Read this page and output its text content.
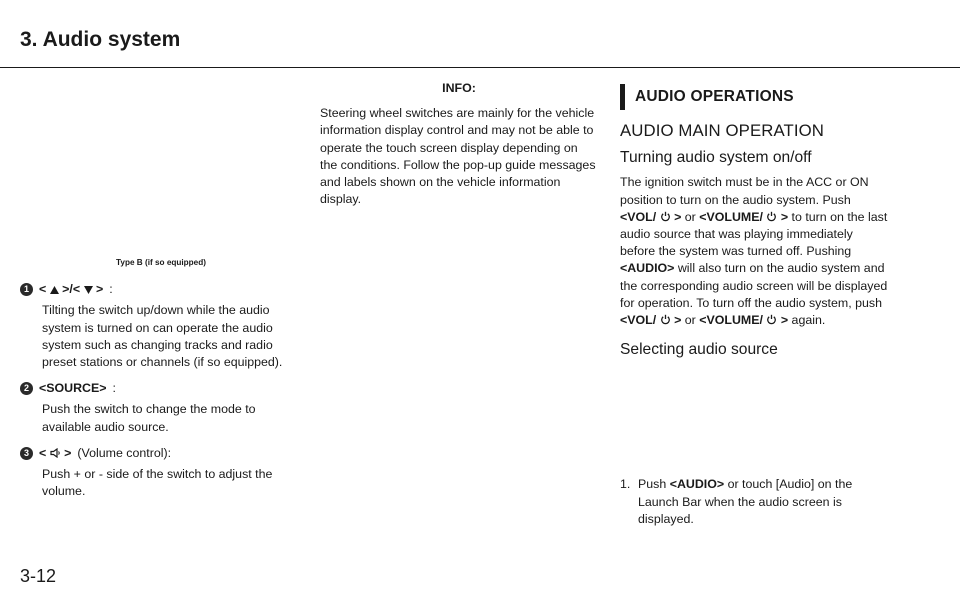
3. Audio system
Type B (if so equipped)
1 < >/< > :
Tilting the switch up/down while the audio system is turned on can operate the audio system such as changing tracks and radio preset stations or channels (if so equipped).
2 <SOURCE> :
Push the switch to change the mode to available audio source.
3 < > (Volume control):
Push + or - side of the switch to adjust the volume.
INFO:
Steering wheel switches are mainly for the vehicle information display control and may not be able to operate the touch screen display depending on the conditions. Follow the pop-up guide messages and labels shown on the vehicle information display.
AUDIO OPERATIONS
AUDIO MAIN OPERATION
Turning audio system on/off

The ignition switch must be in the ACC or ON position to turn on the audio system. Push <VOL/ > or <VOLUME/ > to turn on the last audio source that was playing immediately before the system was turned off. Pushing <AUDIO> will also turn on the audio system and the corresponding audio screen will be displayed for operation. To turn off the audio system, push <VOL/ > or <VOLUME/ > again.

Selecting audio source
1. Push <AUDIO> or touch [Audio] on the Launch Bar when the audio screen is displayed.
3-12
